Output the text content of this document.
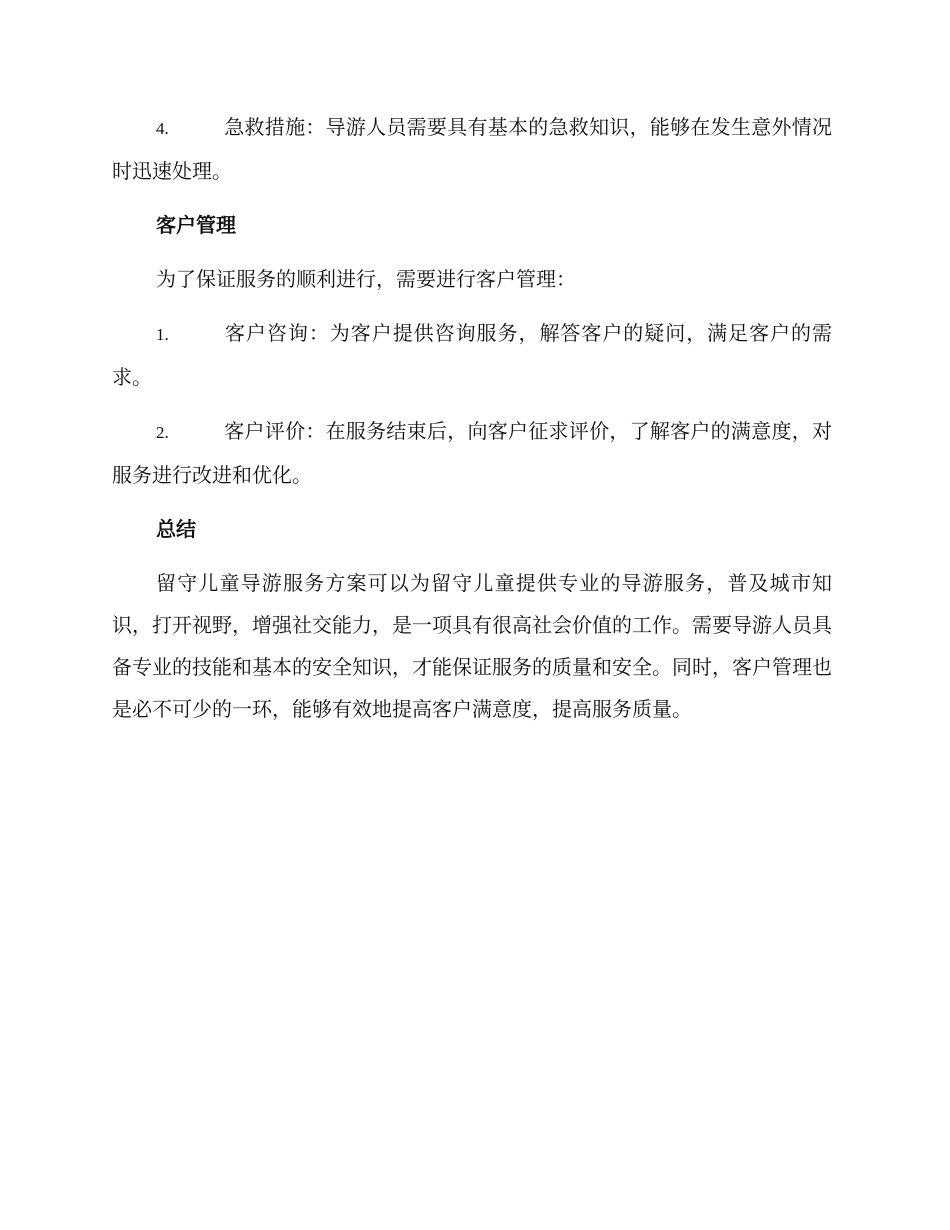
4.	急救措施：导游人员需要具有基本的急救知识，能够在发生意外情况时迅速处理。

客户管理

为了保证服务的顺利进行，需要进行客户管理：

1.	客户咨询：为客户提供咨询服务，解答客户的疑问，满足客户的需求。

2.	客户评价：在服务结束后，向客户征求评价，了解客户的满意度，对服务进行改进和优化。

总结

留守儿童导游服务方案可以为留守儿童提供专业的导游服务，普及城市知识，打开视野，增强社交能力，是一项具有很高社会价值的工作。需要导游人员具备专业的技能和基本的安全知识，才能保证服务的质量和安全。同时，客户管理也是必不可少的一环，能够有效地提高客户满意度，提高服务质量。
